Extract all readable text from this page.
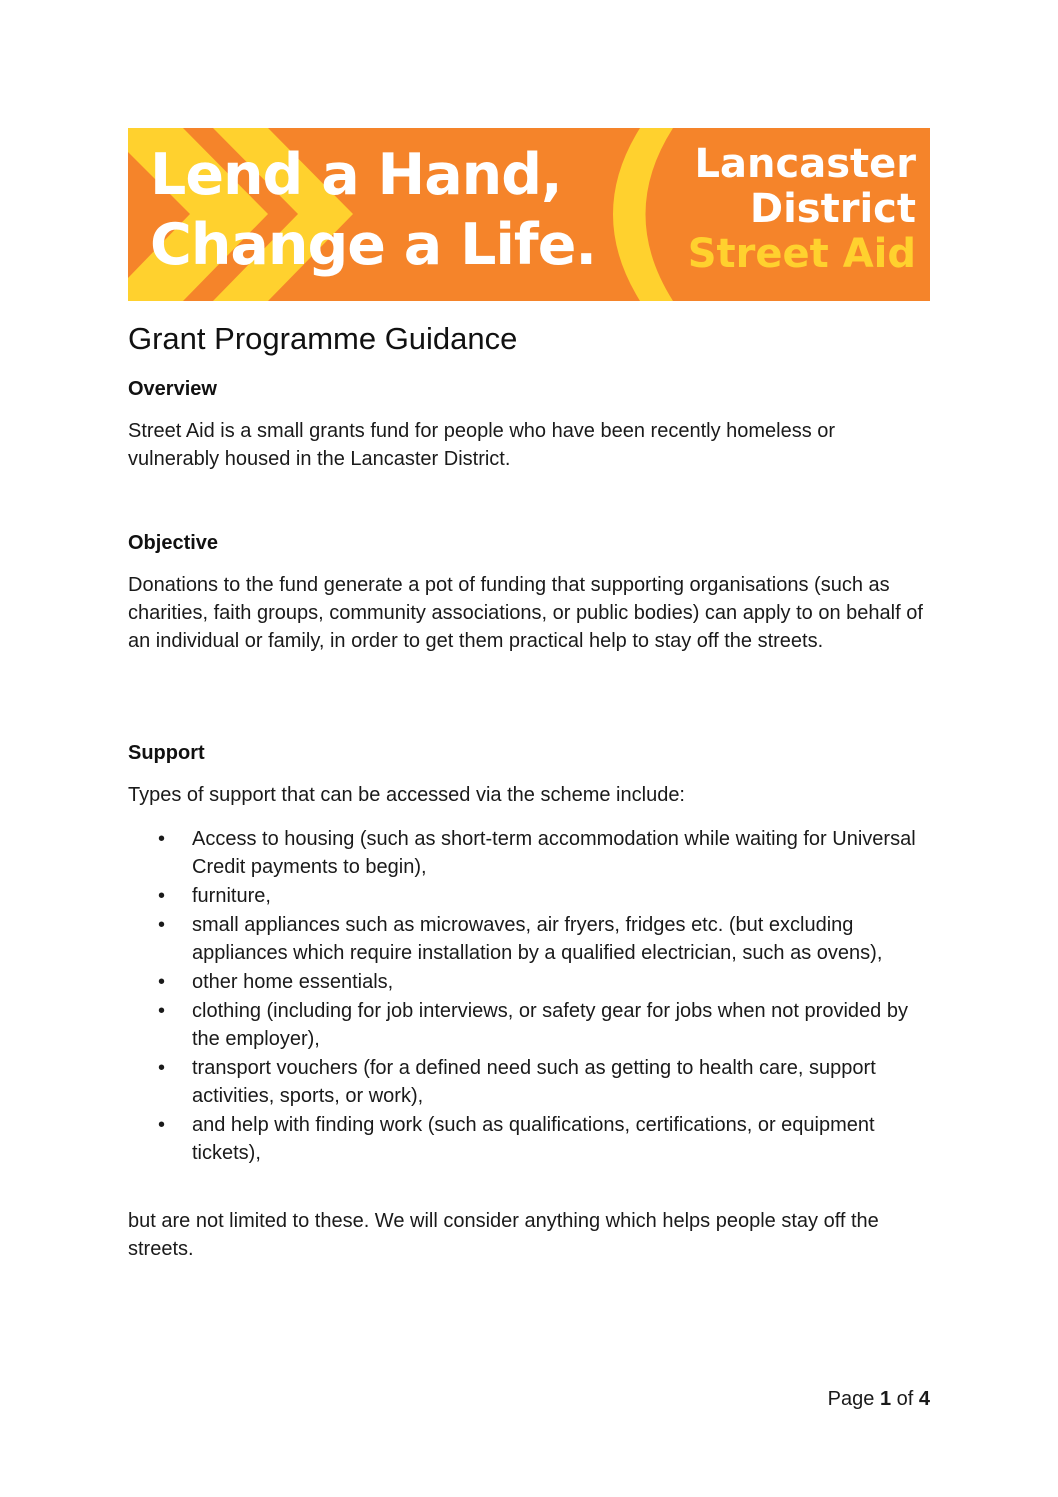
Lend a Hand,
Change a Life.
Lancaster
District
Street Aid
Grant Programme Guidance
Overview

Street Aid is a small grants fund for people who have been recently homeless or vulnerably housed in the Lancaster District.

Objective

Donations to the fund generate a pot of funding that supporting organisations (such as charities, faith groups, community associations, or public bodies) can apply to on behalf of an individual or family, in order to get them practical help to stay off the streets.

Support

Types of support that can be accessed via the scheme include:

• Access to housing (such as short-term accommodation while waiting for Universal Credit payments to begin),
• furniture,
• small appliances such as microwaves, air fryers, fridges etc. (but excluding appliances which require installation by a qualified electrician, such as ovens),
• other home essentials,
• clothing (including for job interviews, or safety gear for jobs when not provided by the employer),
• transport vouchers (for a defined need such as getting to health care, support activities, sports, or work),
• and help with finding work (such as qualifications, certifications, or equipment tickets),

but are not limited to these. We will consider anything which helps people stay off the streets.

Page 1 of 4
